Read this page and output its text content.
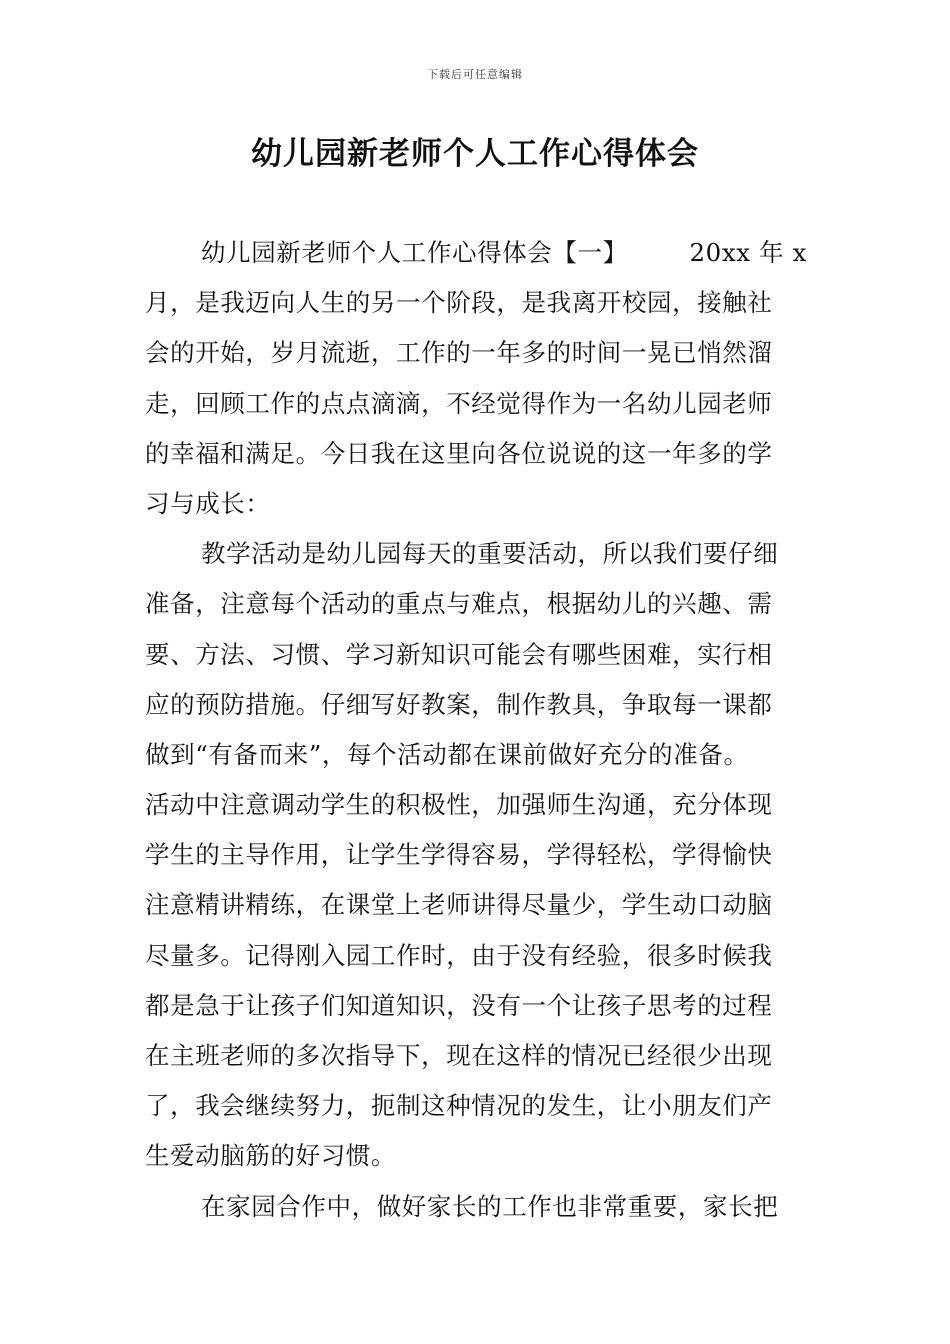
下载后可任意编辑
幼儿园新老师个人工作心得体会
幼儿园新老师个人工作心得体会【一】	20xx 年 x
月，是我迈向人生的另一个阶段，是我离开校园，接触社
会的开始，岁月流逝，工作的一年多的时间一晃已悄然溜
走，回顾工作的点点滴滴，不经觉得作为一名幼儿园老师
的幸福和满足。今日我在这里向各位说说的这一年多的学
习与成长：
教学活动是幼儿园每天的重要活动，所以我们要仔细
准备，注意每个活动的重点与难点，根据幼儿的兴趣、需
要、方法、习惯、学习新知识可能会有哪些困难，实行相
应的预防措施。仔细写好教案，制作教具，争取每一课都
做到“有备而来”，每个活动都在课前做好充分的准备。
活动中注意调动学生的积极性，加强师生沟通，充分体现
学生的主导作用，让学生学得容易，学得轻松，学得愉快
注意精讲精练，在课堂上老师讲得尽量少，学生动口动脑
尽量多。记得刚入园工作时，由于没有经验，很多时候我
都是急于让孩子们知道知识，没有一个让孩子思考的过程
在主班老师的多次指导下，现在这样的情况已经很少出现
了，我会继续努力，扼制这种情况的发生，让小朋友们产
生爱动脑筋的好习惯。
在家园合作中，做好家长的工作也非常重要，家长把
